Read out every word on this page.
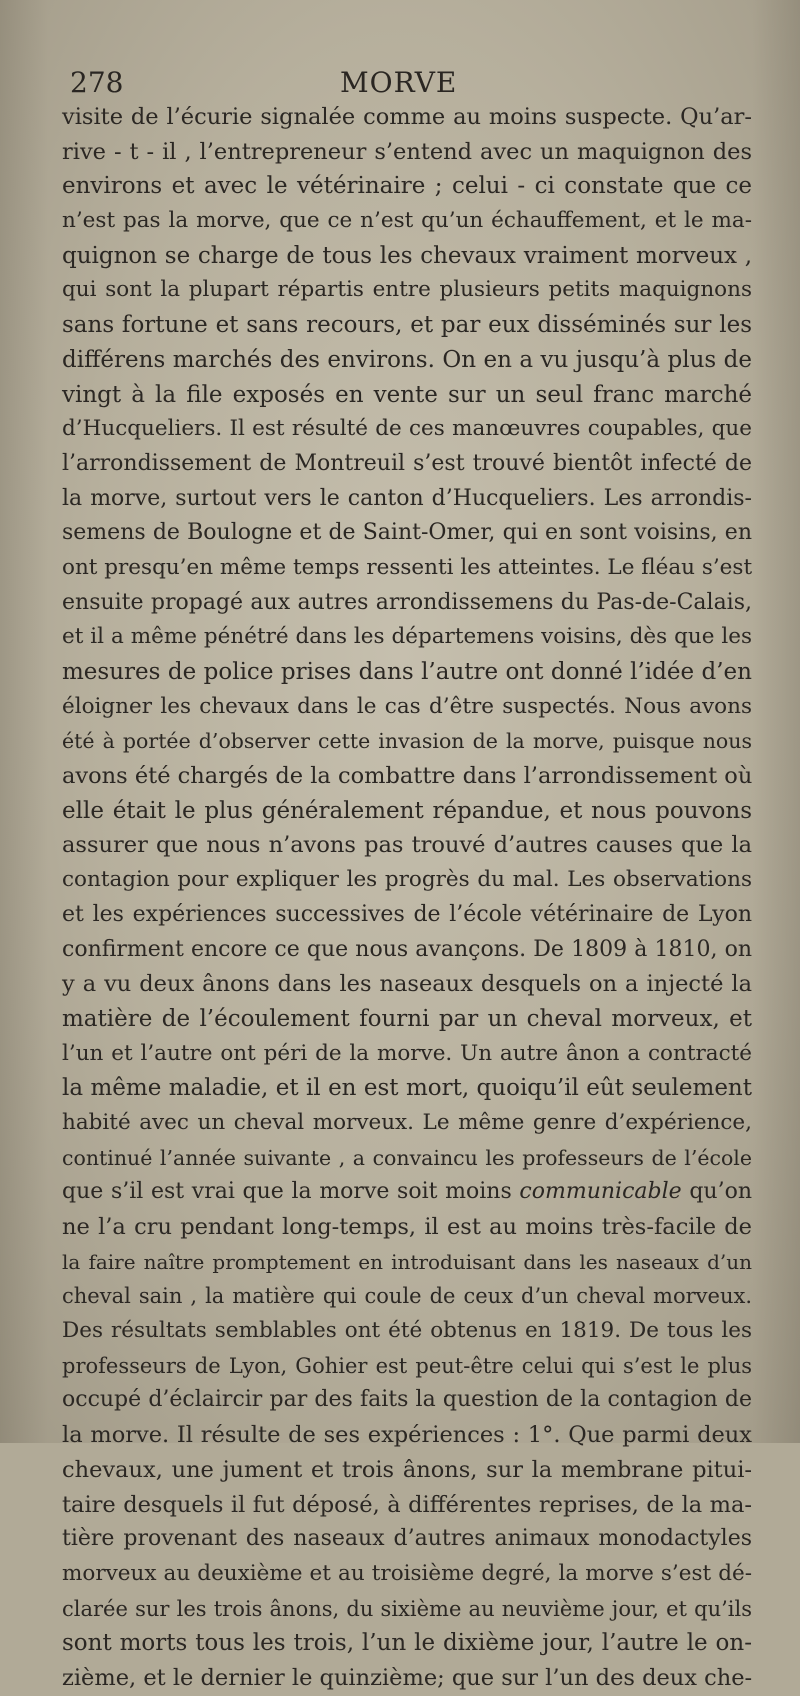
278	MORVE
visite de l’écurie signalée comme au moins suspecte. Qu’ar-
rive - t - il , l’entrepreneur s’entend avec un maquignon des
environs et avec le vétérinaire ; celui - ci constate que ce
n’est pas la morve, que ce n’est qu’un échauffement, et le ma-
quignon se charge de tous les chevaux vraiment morveux ,
qui sont la plupart répartis entre plusieurs petits maquignons
sans fortune et sans recours, et par eux disséminés sur les
différens marchés des environs. On en a vu jusqu’à plus de
vingt à la file exposés en vente sur un seul franc marché
d’Hucqueliers. Il est résulté de ces manœuvres coupables, que
l’arrondissement de Montreuil s’est trouvé bientôt infecté de
la morve, surtout vers le canton d’Hucqueliers. Les arrondis-
semens de Boulogne et de Saint-Omer, qui en sont voisins, en
ont presqu’en même temps ressenti les atteintes. Le fléau s’est
ensuite propagé aux autres arrondissemens du Pas-de-Calais,
et il a même pénétré dans les départemens voisins, dès que les
mesures de police prises dans l’autre ont donné l’idée d’en
éloigner les chevaux dans le cas d’être suspectés. Nous avons
été à portée d’observer cette invasion de la morve, puisque nous
avons été chargés de la combattre dans l’arrondissement où
elle était le plus généralement répandue, et nous pouvons
assurer que nous n’avons pas trouvé d’autres causes que la
contagion pour expliquer les progrès du mal. Les observations
et les expériences successives de l’école vétérinaire de Lyon
confirment encore ce que nous avançons. De 1809 à 1810, on
y a vu deux ânons dans les naseaux desquels on a injecté la
matière de l’écoulement fourni par un cheval morveux, et
l’un et l’autre ont péri de la morve. Un autre ânon a contracté
la même maladie, et il en est mort, quoiqu’il eût seulement
habité avec un cheval morveux. Le même genre d’expérience,
continué l’année suivante , a convaincu les professeurs de l’école
que s’il est vrai que la morve soit moins communicable qu’on
ne l’a cru pendant long-temps, il est au moins très-facile de
la faire naître promptement en introduisant dans les naseaux d’un
cheval sain , la matière qui coule de ceux d’un cheval morveux.
Des résultats semblables ont été obtenus en 1819. De tous les
professeurs de Lyon, Gohier est peut-être celui qui s’est le plus
occupé d’éclaircir par des faits la question de la contagion de
la morve. Il résulte de ses expériences : 1°. Que parmi deux
chevaux, une jument et trois ânons, sur la membrane pitui-
taire desquels il fut déposé, à différentes reprises, de la ma-
tière provenant des naseaux d’autres animaux monodactyles
morveux au deuxième et au troisième degré, la morve s’est dé-
clarée sur les trois ânons, du sixième au neuvième jour, et qu’ils
sont morts tous les trois, l’un le dixième jour, l’autre le on-
zième, et le dernier le quinzième; que sur l’un des deux che-
